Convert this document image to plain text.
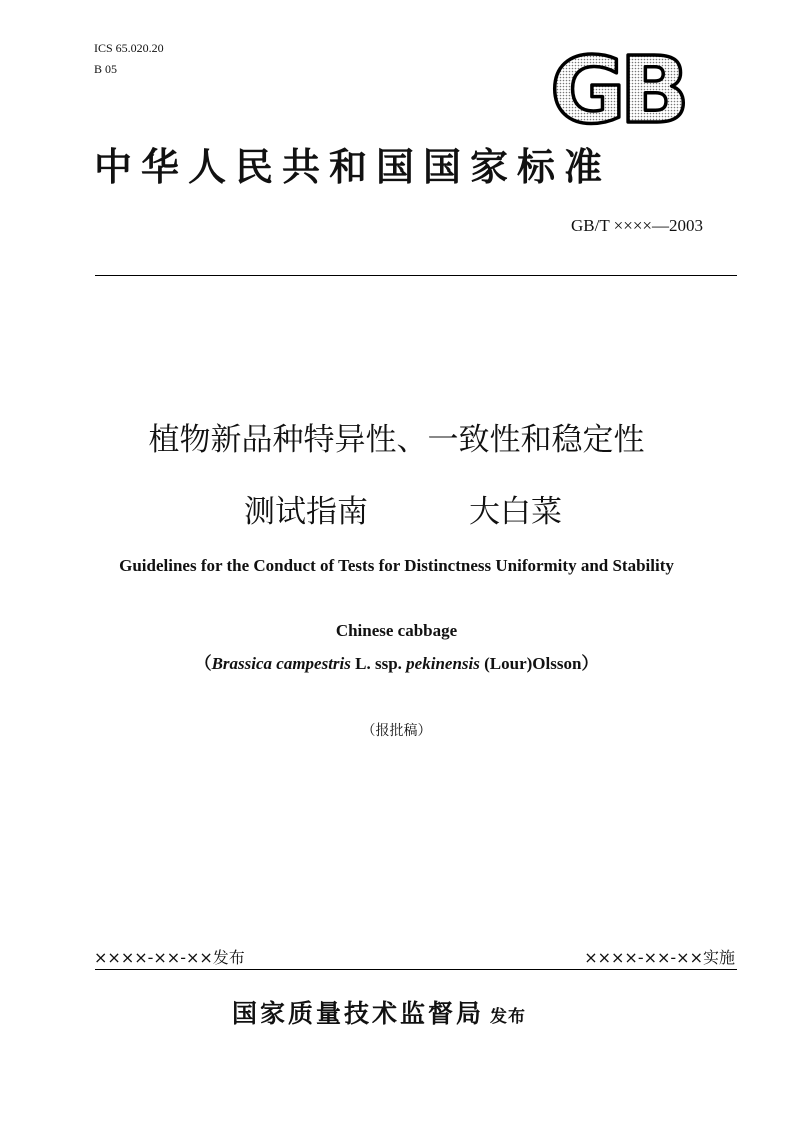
ICS 65.020.20
B 05	GB
中华人民共和国国家标准
GB/T ××××—2003
植物新品种特异性、一致性和稳定性
测试指南	大白菜
Guidelines for the Conduct of Tests for Distinctness Uniformity and Stability
Chinese cabbage
（Brassica campestris L. ssp. pekinensis (Lour)Olsson）
（报批稿）
××××-××-××发布	××××-××-××实施
国家质量技术监督局 发布
